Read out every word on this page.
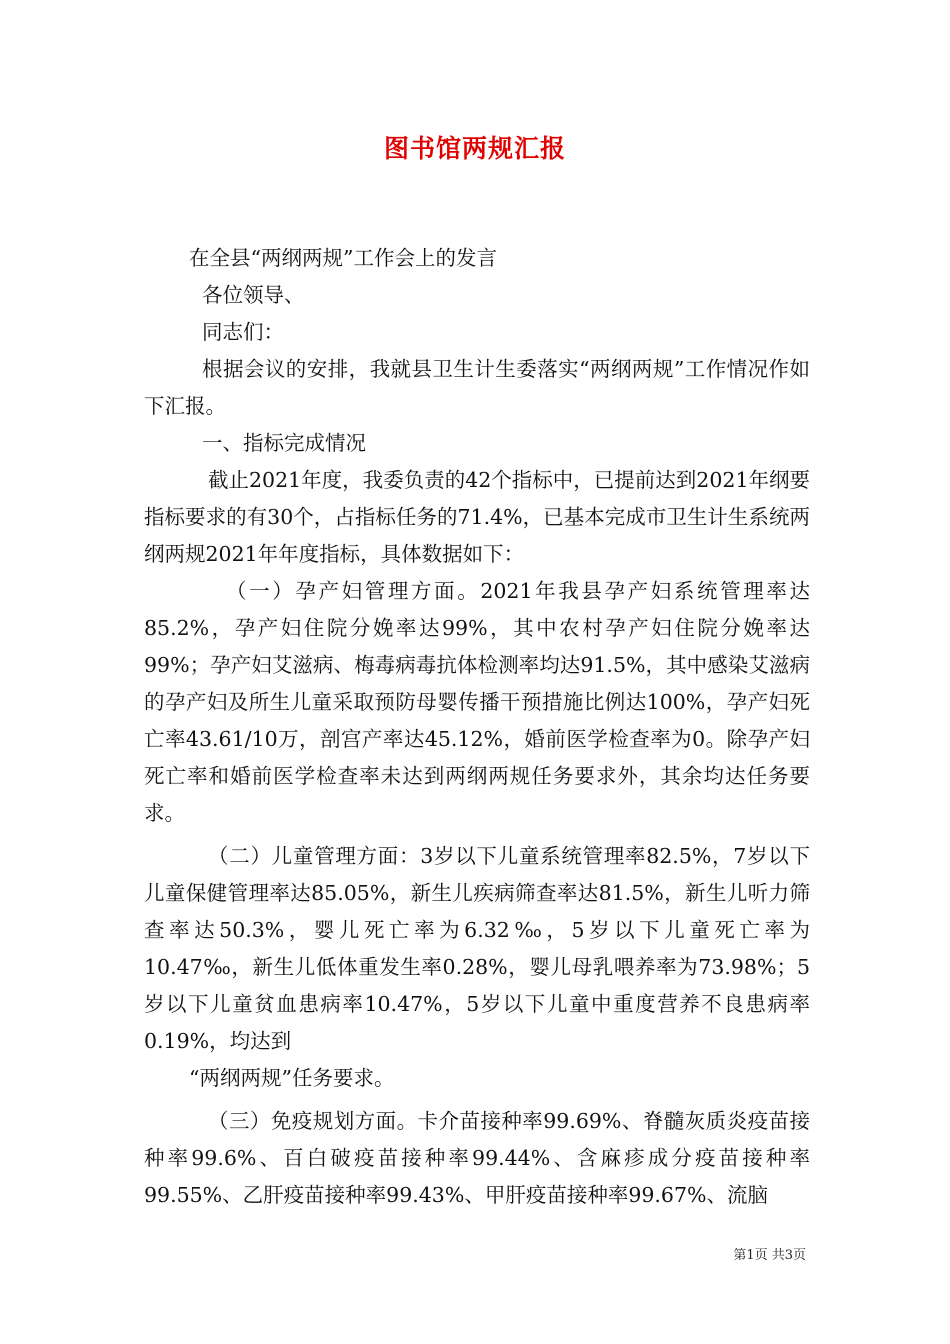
图书馆两规汇报

在全县“两纲两规”工作会上的发言

各位领导、

同志们：

根据会议的安排，我就县卫生计生委落实“两纲两规”工作情况作如下汇报。

一、指标完成情况

截止2021年度，我委负责的42个指标中，已提前达到2021年纲要指标要求的有30个，占指标任务的71.4%，已基本完成市卫生计生系统两纲两规2021年年度指标，具体数据如下：

（一）孕产妇管理方面。2021年我县孕产妇系统管理率达85.2%，孕产妇住院分娩率达99%，其中农村孕产妇住院分娩率达99%；孕产妇艾滋病、梅毒病毒抗体检测率均达91.5%，其中感染艾滋病的孕产妇及所生儿童采取预防母婴传播干预措施比例达100%，孕产妇死亡率43.61/10万，剖宫产率达45.12%，婚前医学检查率为0。除孕产妇死亡率和婚前医学检查率未达到两纲两规任务要求外，其余均达任务要求。

（二）儿童管理方面：3岁以下儿童系统管理率82.5%，7岁以下儿童保健管理率达85.05%，新生儿疾病筛查率达81.5%，新生儿听力筛查率达50.3%，婴儿死亡率为6.32‰，5岁以下儿童死亡率为10.47‰，新生儿低体重发生率0.28%，婴儿母乳喂养率为73.98%；5岁以下儿童贫血患病率10.47%，5岁以下儿童中重度营养不良患病率0.19%，均达到

“两纲两规”任务要求。

（三）免疫规划方面。卡介苗接种率99.69%、脊髓灰质炎疫苗接种率99.6%、百白破疫苗接种率99.44%、含麻疹成分疫苗接种率99.55%、乙肝疫苗接种率99.43%、甲肝疫苗接种率99.67%、流脑

第1页 共3页
